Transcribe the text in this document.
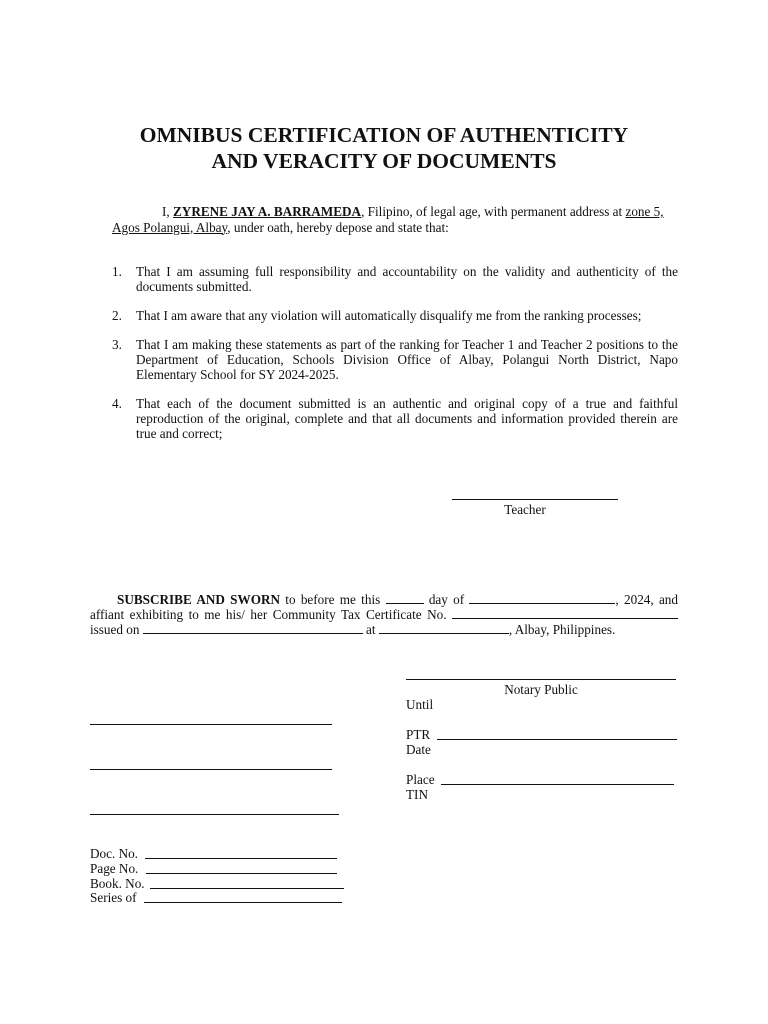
OMNIBUS CERTIFICATION OF AUTHENTICITY
AND VERACITY OF DOCUMENTS
I, ZYRENE JAY A. BARRAMEDA, Filipino, of legal age, with permanent address at zone 5, Agos Polangui, Albay, under oath, hereby depose and state that:
1. That I am assuming full responsibility and accountability on the validity and authenticity of the documents submitted.
2. That I am aware that any violation will automatically disqualify me from the ranking processes;
3. That I am making these statements as part of the ranking for Teacher 1 and Teacher 2 positions to the Department of Education, Schools Division Office of Albay, Polangui North District, Napo Elementary School for SY 2024-2025.
4. That each of the document submitted is an authentic and original copy of a true and faithful reproduction of the original, complete and that all documents and information provided therein are true and correct;
Teacher
SUBSCRIBE AND SWORN to before me this	day of	, 2024, and affiant exhibiting to me his/ her Community Tax Certificate No.  issued on	at	, Albay, Philippines.
Notary Public
Until
PTR
Date
Place
TIN
Doc. No.
Page No.
Book. No.
Series of
